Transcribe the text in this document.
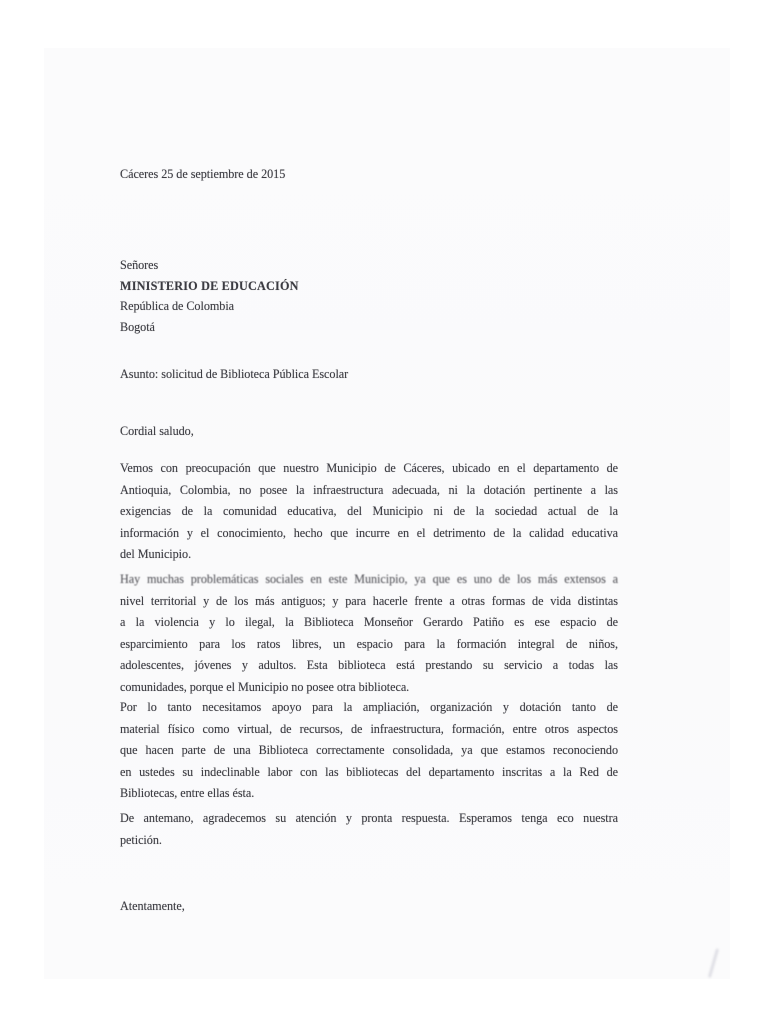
Cáceres 25 de septiembre de 2015
Señores
MINISTERIO DE EDUCACIÓN
República de Colombia
Bogotá
Asunto: solicitud de Biblioteca Pública Escolar
Cordial saludo,
Vemos con preocupación que nuestro Municipio de Cáceres, ubicado en el departamento de
Antioquia, Colombia, no posee la infraestructura adecuada, ni la dotación pertinente a las
exigencias de la comunidad educativa, del Municipio ni de la sociedad actual de la
información y el conocimiento, hecho que incurre en el detrimento de la calidad educativa
del Municipio.
Hay muchas problemáticas sociales en este Municipio, ya que es uno de los más extensos a
nivel territorial y de los más antiguos; y para hacerle frente a otras formas de vida distintas
a la violencia y lo ilegal, la Biblioteca Monseñor Gerardo Patiño es ese espacio de
esparcimiento para los ratos libres, un espacio para la formación integral de niños,
adolescentes, jóvenes y adultos. Esta biblioteca está prestando su servicio a todas las
comunidades, porque el Municipio no posee otra biblioteca.
Por lo tanto necesitamos apoyo para la ampliación, organización y dotación tanto de
material físico como virtual, de recursos, de infraestructura, formación, entre otros aspectos
que hacen parte de una Biblioteca correctamente consolidada, ya que estamos reconociendo
en ustedes su indeclinable labor con las bibliotecas del departamento inscritas a la Red de
Bibliotecas, entre ellas ésta.
De antemano, agradecemos su atención y pronta respuesta. Esperamos tenga eco nuestra
petición.
Atentamente,
